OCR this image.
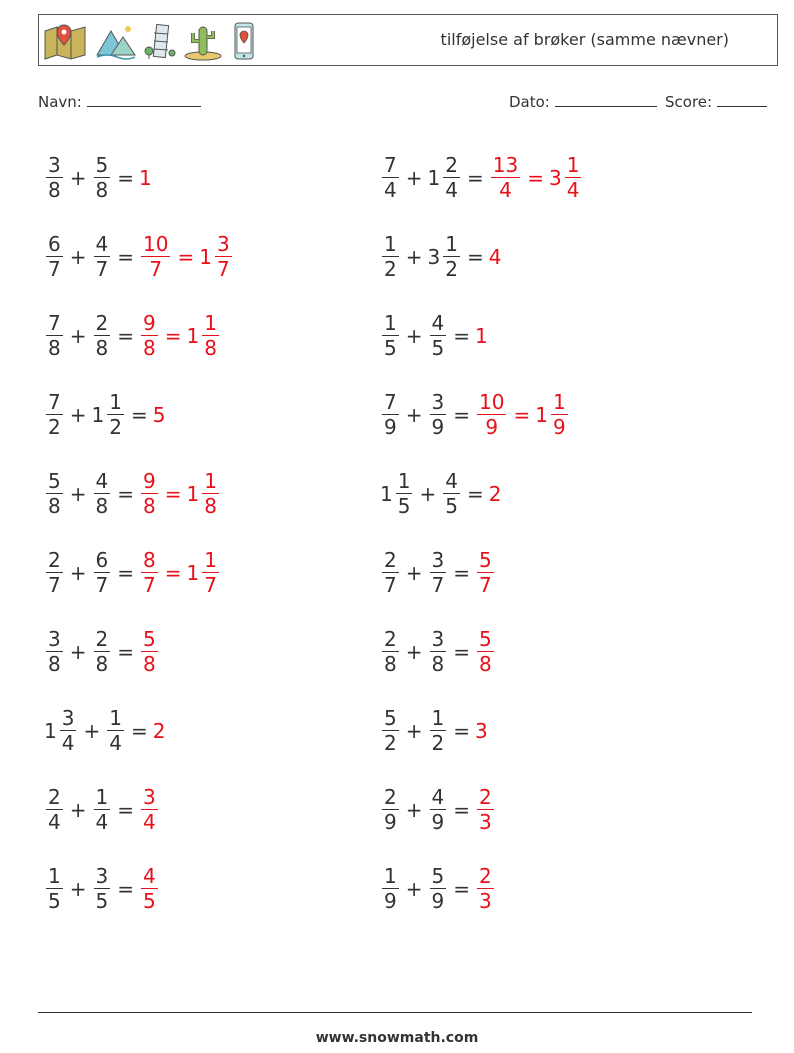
tilføjelse af brøker (samme nævner)
Navn:	Dato:	Score:
$\frac{3}{8} + \frac{5}{8} = 1$
$\frac{6}{7} + \frac{4}{7} = \frac{10}{7} = 1 \frac{3}{7}$
$\frac{7}{8} + \frac{2}{8} = \frac{9}{8} = 1 \frac{1}{8}$
$\frac{7}{2} + 1 \frac{1}{2} = 5$
$\frac{5}{8} + \frac{4}{8} = \frac{9}{8} = 1 \frac{1}{8}$
$\frac{2}{7} + \frac{6}{7} = \frac{8}{7} = 1 \frac{1}{7}$
$\frac{3}{8} + \frac{2}{8} = \frac{5}{8}$
$1 \frac{3}{4} + \frac{1}{4} = 2$
$\frac{2}{4} + \frac{1}{4} = \frac{3}{4}$
$\frac{1}{5} + \frac{3}{5} = \frac{4}{5}$
$\frac{7}{4} + 1 \frac{2}{4} = \frac{13}{4} = 3 \frac{1}{4}$
$\frac{1}{2} + 3 \frac{1}{2} = 4$
$\frac{1}{5} + \frac{4}{5} = 1$
$\frac{7}{9} + \frac{3}{9} = \frac{10}{9} = 1 \frac{1}{9}$
$1 \frac{1}{5} + \frac{4}{5} = 2$
$\frac{2}{7} + \frac{3}{7} = \frac{5}{7}$
$\frac{2}{8} + \frac{3}{8} = \frac{5}{8}$
$\frac{5}{2} + \frac{1}{2} = 3$
$\frac{2}{9} + \frac{4}{9} = \frac{2}{3}$
$\frac{1}{9} + \frac{5}{9} = \frac{2}{3}$
www.snowmath.com
